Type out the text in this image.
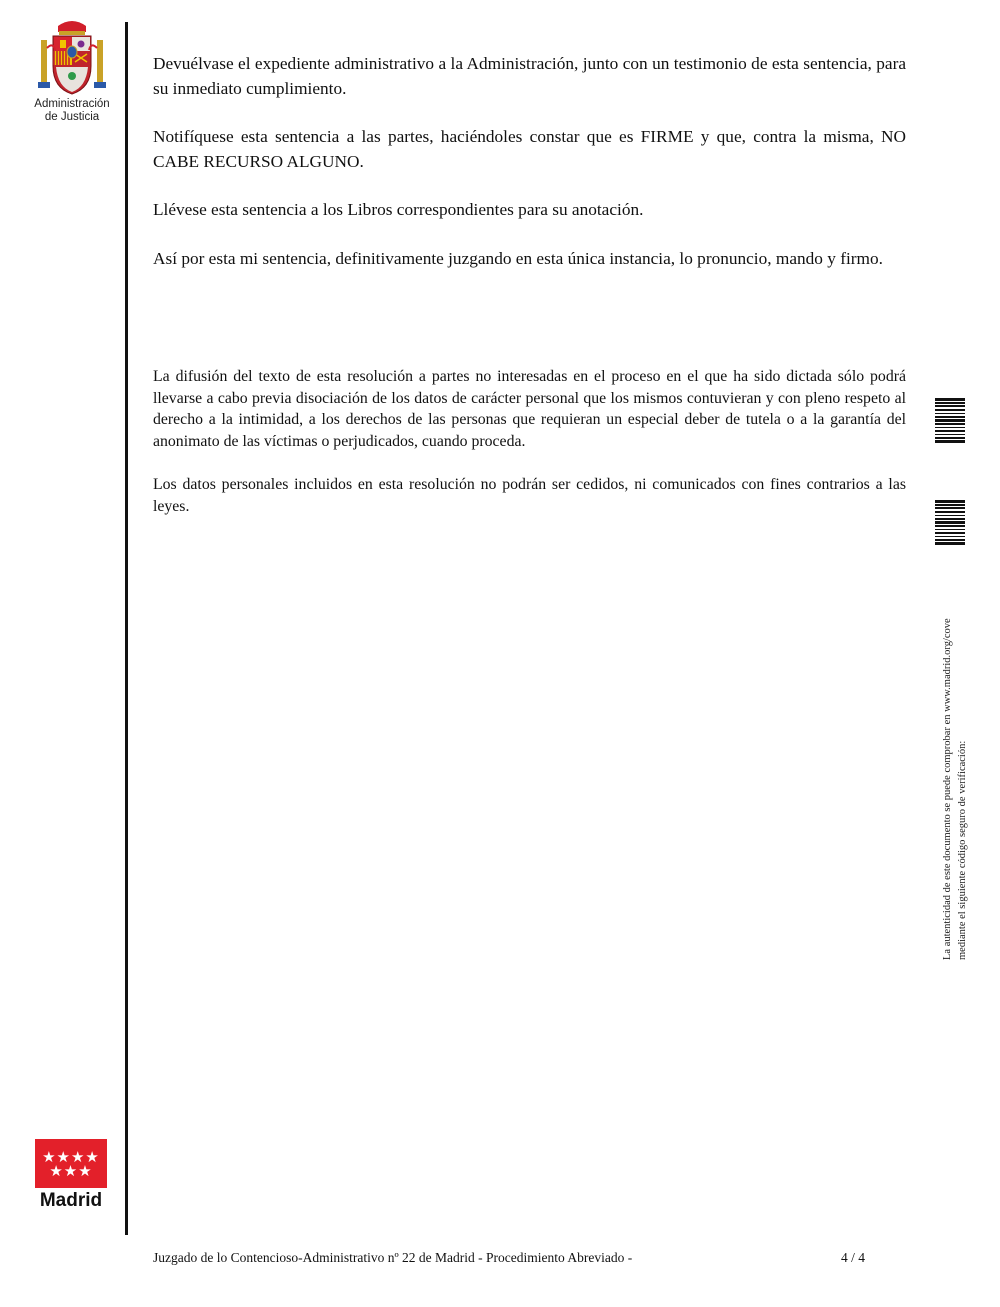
Administración
de Justicia

Devuélvase el expediente administrativo a la Administración, junto con un testimonio de esta sentencia, para su inmediato cumplimiento.

Notifíquese esta sentencia a las partes, haciéndoles constar que es FIRME y que, contra la misma, NO CABE RECURSO ALGUNO.

Llévese esta sentencia a los Libros correspondientes para su anotación.

Así por esta mi sentencia, definitivamente juzgando en esta única instancia, lo pronuncio, mando y firmo.

La difusión del texto de esta resolución a partes no interesadas en el proceso en el que ha sido dictada sólo podrá llevarse a cabo previa disociación de los datos de carácter personal que los mismos contuvieran y con pleno respeto al derecho a la intimidad, a los derechos de las personas que requieran un especial deber de tutela o a la garantía del anonimato de las víctimas o perjudicados, cuando proceda.

Los datos personales incluidos en esta resolución no podrán ser cedidos, ni comunicados con fines contrarios a las leyes.

La autenticidad de este documento se puede comprobar en www.madrid.org/cove mediante el siguiente código seguro de verificación:
★★★★
★★★
Madrid
Juzgado de lo Contencioso-Administrativo nº 22 de Madrid - Procedimiento Abreviado -	4 / 4
